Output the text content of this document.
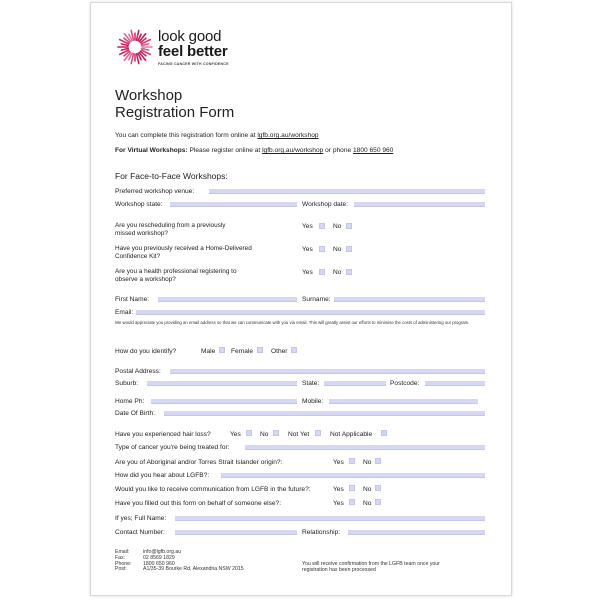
look good
feel better
FACING CANCER WITH CONFIDENCE
Workshop
Registration Form
You can complete this registration form online at lgfb.org.au/workshop
For Virtual Workshops: Please register online at lgfb.org.au/workshop or phone 1800 650 960
For Face-to-Face Workshops:
Preferred workshop venue:
Workshop state:	Workshop date:
Are you rescheduling from a previously
missed workshop?
Yes	No
Have you previously received a Home-Delivered
Confidence Kit?
Yes	No
Are you a health professional registering to
observe a workshop?
Yes	No
First Name:	Surname:
Email:
We would appreciate you providing an email address so that we can communicate with you via email. This will greatly assist our efforts to minimise the costs of administering our program.
How do you identify?	Male Female	Other
Postal Address:
Suburb:	State:	Postcode:
Home Ph:	Mobile:
Date Of Birth:
Have you experienced hair loss?	Yes	No	Not Yet	Not Applicable
Type of cancer you're being treated for:
Are you of Aboriginal and/or Torres Strait Islander origin?:	Yes	No
How did you hear about LGFB?:
Would you like to receive communication from LGFB in the future?:	Yes	No
Have you filled out this form on behalf of someone else?:	Yes	No
If yes; Full Name:
Contact Number:	Relationship:
Email:	info@lgfb.org.au
Fax:	02 8569 1829
Phone: 1800 650 960
Post:	A1/35-39 Bourke Rd, Alexandria NSW 2015
You will receive confirmation from the LGFB team once your
registration has been processed
